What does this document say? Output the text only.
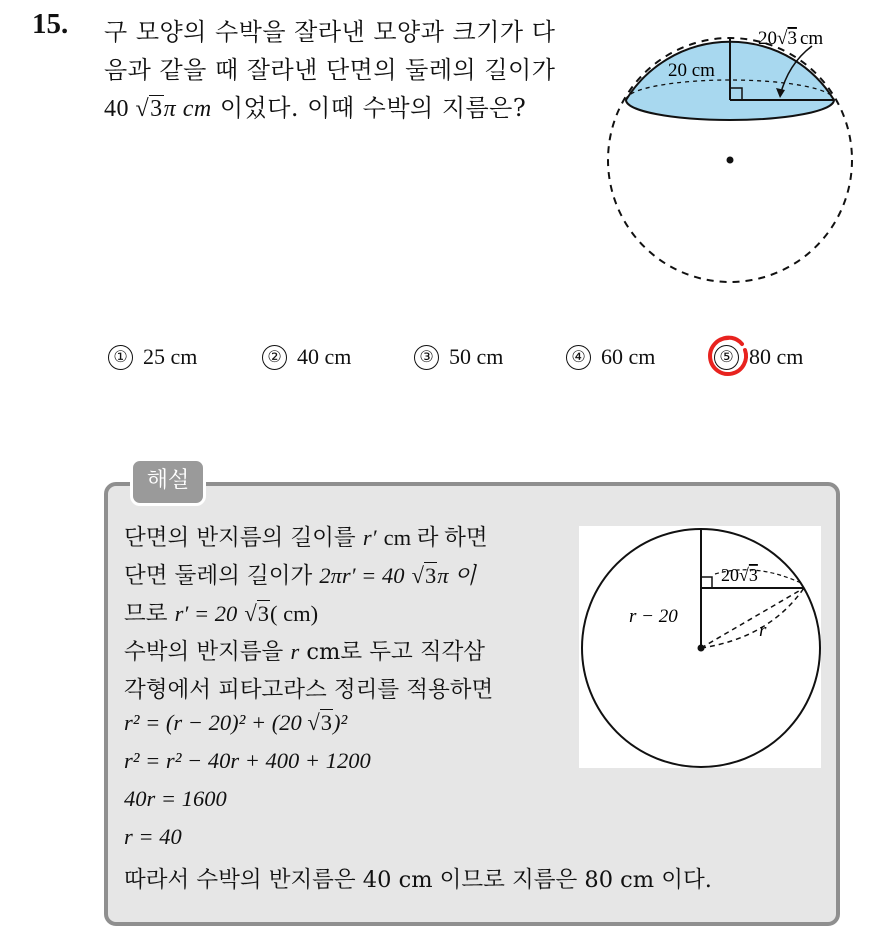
15. 구 모양의 수박을 잘라낸 모양과 크기가 다
음과 같을 때 잘라낸 단면의 둘레의 길이가
40 √3π cm 이었다. 이때 수박의 지름은?
20 cm
20√3 cm
① 25 cm	② 40 cm	③ 50 cm	④ 60 cm	⑤ 80 cm
해설
단면의 반지름의 길이를 r′ cm 라 하면
단면 둘레의 길이가 2πr′ = 40 √3π 이
므로 r′ = 20 √3( cm)
수박의 반지름을 r cm로 두고 직각삼
각형에서 피타고라스 정리를 적용하면
r² = (r − 20)² + (20 √3)²
r² = r² − 40r + 400 + 1200
40r = 1600
r = 40
따라서 수박의 반지름은 40 cm 이므로 지름은 80 cm 이다.
20√3
r − 20
r
